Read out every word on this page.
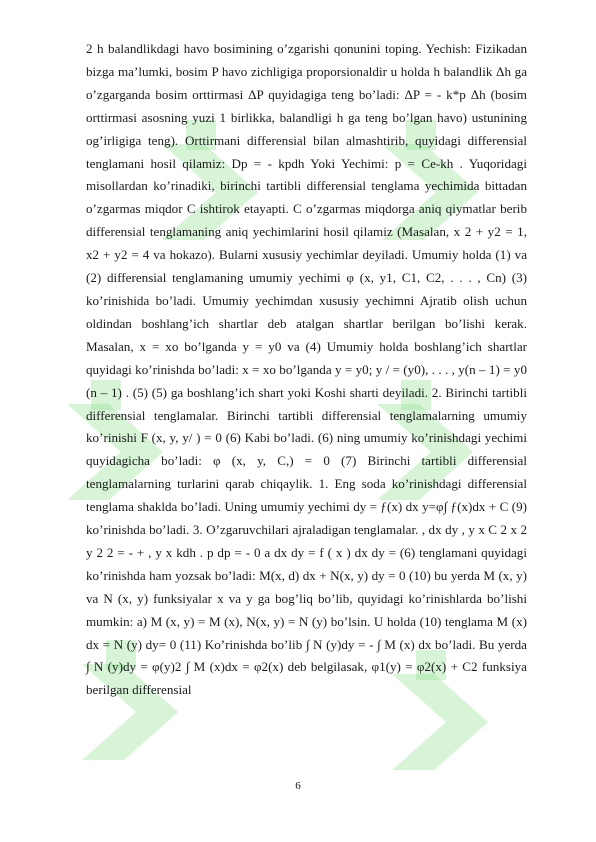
2 h balandlikdagi havo bosimining o’zgarishi qonunini toping. Yechish: Fizikadan bizga ma’lumki, bosim P havo zichligiga proporsionaldir u holda h balandlik Δh ga o’zgarganda bosim orttirmasi ΔP quyidagiga teng bo’ladi: ΔP = - k*p Δh (bosim orttirmasi asosning yuzi 1 birlikka, balandligi h ga teng bo’lgan havo) ustunining og’irligiga teng). Orttirmani differensial bilan almashtirib, quyidagi differensial tenglamani hosil qilamiz: Dp = - kpdh Yoki Yechimi: p = Ce-kh . Yuqoridagi misollardan ko’rinadiki, birinchi tartibli differensial tenglama yechimida bittadan o’zgarmas miqdor C ishtirok etayapti. C o’zgarmas miqdorga aniq qiymatlar berib differensial tenglamaning aniq yechimlarini hosil qilamiz (Masalan, x 2 + y2 = 1, x2 + y2 = 4 va hokazo). Bularni xususiy yechimlar deyiladi. Umumiy holda (1) va (2) differensial tenglamaning umumiy yechimi φ (x, y1, C1, C2, . . . , Cn) (3) ko’rinishida bo’ladi. Umumiy yechimdan xususiy yechimni Ajratib olish uchun oldindan boshlang’ich shartlar deb atalgan shartlar berilgan bo’lishi kerak. Masalan, x = xo bo’lganda y = y0 va (4) Umumiy holda boshlang’ich shartlar quyidagi ko’rinishda bo’ladi: x = xo bo’lganda y = y0; y / = (y0), . . . , y(n – 1) = y0 (n – 1) . (5) (5) ga boshlang’ich shart yoki Koshi sharti deyiladi. 2. Birinchi tartibli differensial tenglamalar. Birinchi tartibli differensial tenglamalarning umumiy ko’rinishi F (x, y, y/ ) = 0 (6) Kabi bo’ladi. (6) ning umumiy ko’rinishdagi yechimi quyidagicha bo’ladi: φ (x, y, C,) = 0 (7) Birinchi tartibli differensial tenglamalarning turlarini qarab chiqaylik. 1. Eng soda ko’rinishdagi differensial tenglama shaklda bo’ladi. Uning umumiy yechimi dy = ƒ(x) dx y=φ∫ ƒ(x)dx + C (9) ko’rinishda bo’ladi. 3. O’zgaruvchilari ajraladigan tenglamalar. , dx dy , y x C 2 x 2 y 2 2 = - + , y x kdh . p dp = - 0 a dx dy = f ( x ) dx dy = (6) tenglamani quyidagi ko’rinishda ham yozsak bo’ladi: M(x, d) dx + N(x, y) dy = 0 (10) bu yerda M (x, y) va N (x, y) funksiyalar x va y ga bog’liq bo’lib, quyidagi ko’rinishlarda bo’lishi mumkin: a) M (x, y) = M (x), N(x, y) = N (y) bo’lsin. U holda (10) tenglama M (x) dx = N (y) dy= 0 (11) Ko’rinishda bo’lib ∫ N (y)dy = - ∫ M (x) dx bo’ladi. Bu yerda ∫ N (y)dy = φ(y)2 ∫ M (x)dx = φ2(x) deb belgilasak, φ1(y) = φ2(x) + C2 funksiya berilgan differensial

6
